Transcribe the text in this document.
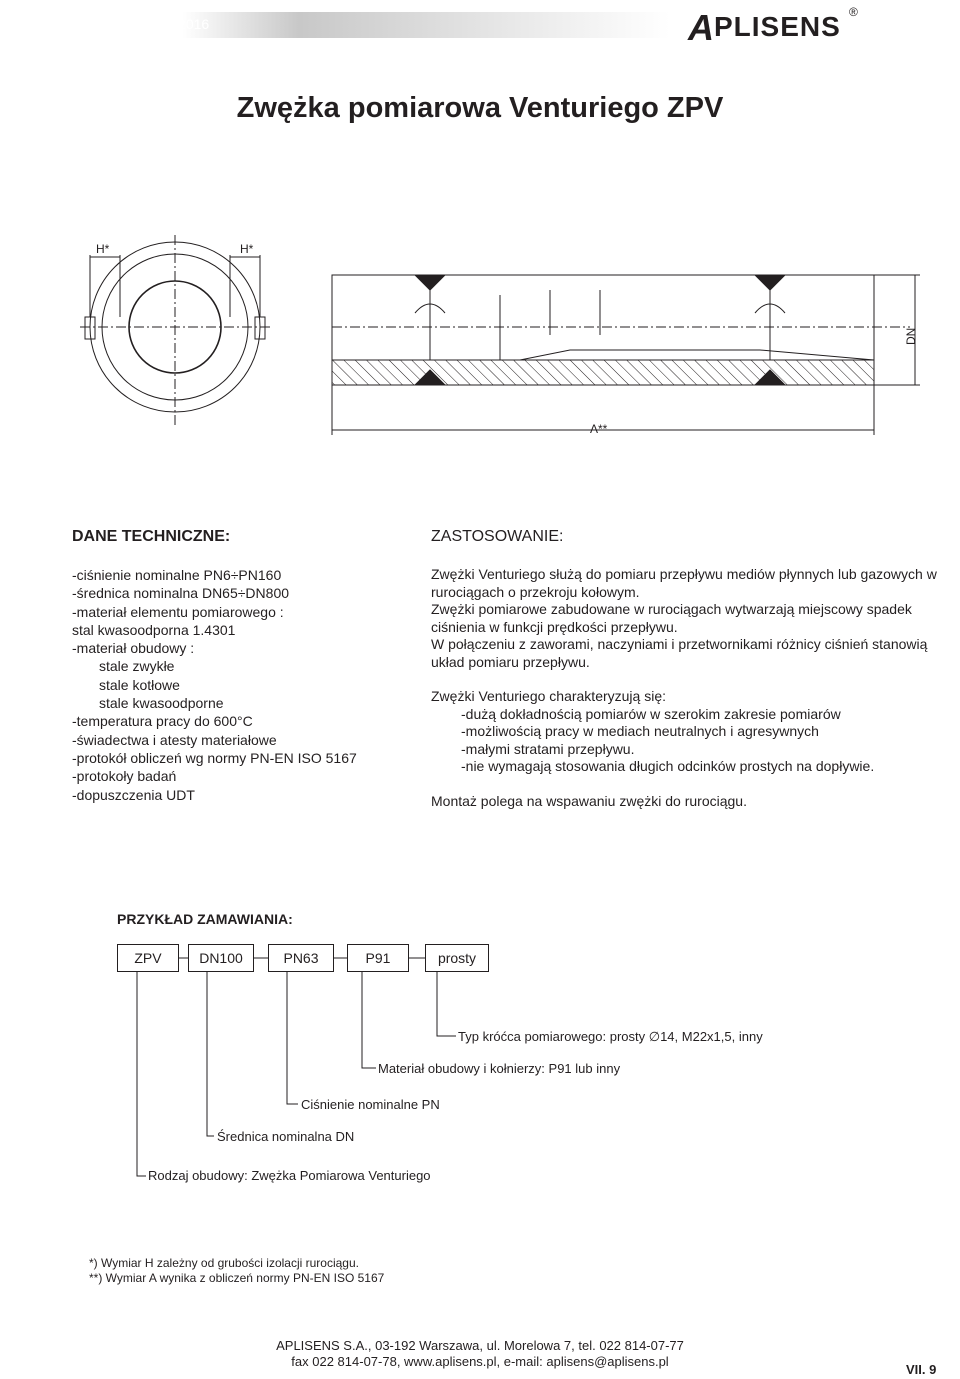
2015/2016	A PLISENS ®
Zwężka pomiarowa Venturiego ZPV
H*	H*
DN
A**
DANE TECHNICZNE:
-ciśnienie nominalne PN6÷PN160
-średnica nominalna DN65÷DN800
-materiał elementu pomiarowego :
stal kwasoodporna 1.4301
-materiał obudowy :
stale zwykłe
stale kotłowe
stale kwasoodporne
-temperatura pracy do 600°C
-świadectwa i atesty materiałowe
-protokół obliczeń wg normy PN-EN ISO 5167
-protokoły badań
-dopuszczenia UDT
ZASTOSOWANIE:

Zwężki Venturiego służą do pomiaru przepływu mediów płynnych lub gazowych w rurociągach o przekroju kołowym.

Zwężki pomiarowe zabudowane w rurociągach wytwarzają miejscowy spadek ciśnienia w funkcji prędkości przepływu.

W połączeniu z zaworami, naczyniami i przetwornikami różnicy ciśnień stanowią układ pomiaru przepływu.

Zwężki Venturiego charakteryzują się:

-dużą dokładnością pomiarów w szerokim zakresie pomiarów

-możliwością pracy w mediach neutralnych i agresywnych

-małymi stratami przepływu.

-nie wymagają stosowania długich odcinków prostych na dopływie.

Montaż polega na wspawaniu zwężki do rurociągu.

PRZYKŁAD ZAMAWIANIA:
ZPV	DN100	PN63	P91	prosty
Typ króćca pomiarowego: prosty ∅14, M22x1,5, inny
Materiał obudowy i kołnierzy: P91 lub inny
Ciśnienie nominalne PN
Średnica nominalna DN
Rodzaj obudowy: Zwężka Pomiarowa Venturiego
*) Wymiar H zależny od grubości izolacji rurociągu.
**) Wymiar A wynika z obliczeń normy PN-EN ISO 5167
APLISENS S.A., 03-192 Warszawa, ul. Morelowa 7, tel. 022 814-07-77
fax 022 814-07-78, www.aplisens.pl, e-mail: aplisens@aplisens.pl
VII. 9
